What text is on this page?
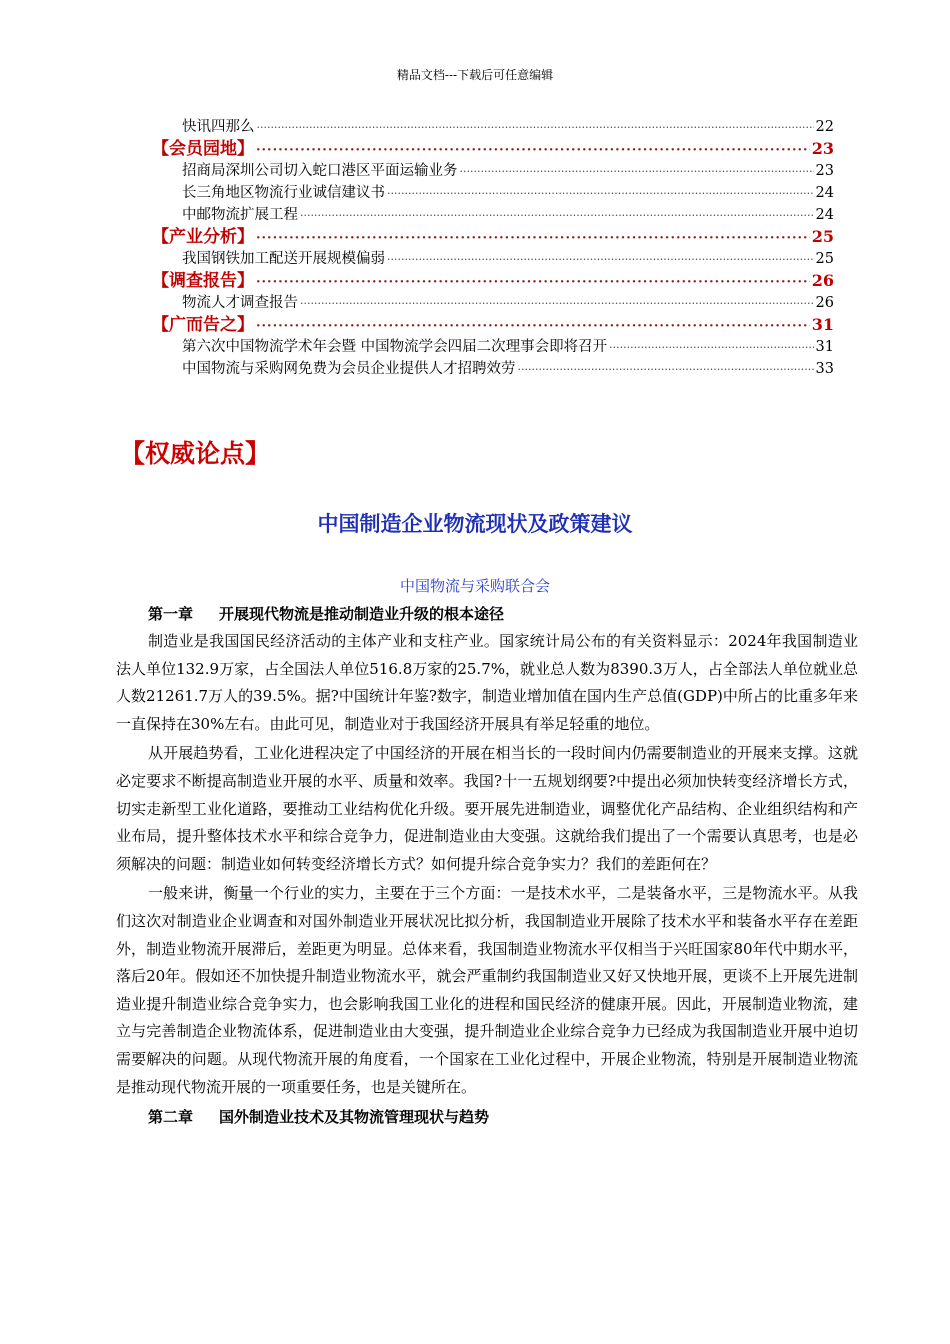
精品文档---下载后可任意编辑
快讯四那么 ·····	22
【会员园地】 ·····	23
招商局深圳公司切入蛇口港区平面运输业务 ·····	23
长三角地区物流行业诚信建议书 ·····	24
中邮物流扩展工程 ·····	24
【产业分析】 ·····	25
我国钢铁加工配送开展规模偏弱 ·····	25
【调查报告】 ·····	26
物流人才调查报告 ·····	26
【广而告之】 ·····	31
第六次中国物流学术年会暨 中国物流学会四届二次理事会即将召开 ·····	31
中国物流与采购网免费为会员企业提供人才招聘效劳 ·····	33
【权威论点】
中国制造企业物流现状及政策建议
中国物流与采购联合会
第一章 开展现代物流是推动制造业升级的根本途径

制造业是我国国民经济活动的主体产业和支柱产业。国家统计局公布的有关资料显示：2024年我国制造业法人单位132.9万家，占全国法人单位516.8万家的25.7%，就业总人数为8390.3万人，占全部法人单位就业总人数21261.7万人的39.5%。据?中国统计年鉴?数字，制造业增加值在国内生产总值(GDP)中所占的比重多年来一直保持在30%左右。由此可见，制造业对于我国经济开展具有举足轻重的地位。

从开展趋势看，工业化进程决定了中国经济的开展在相当长的一段时间内仍需要制造业的开展来支撑。这就必定要求不断提高制造业开展的水平、质量和效率。我国?十一五规划纲要?中提出必须加快转变经济增长方式，切实走新型工业化道路，要推动工业结构优化升级。要开展先进制造业，调整优化产品结构、企业组织结构和产业布局，提升整体技术水平和综合竞争力，促进制造业由大变强。这就给我们提出了一个需要认真思考，也是必须解决的问题：制造业如何转变经济增长方式？如何提升综合竞争实力？我们的差距何在？

一般来讲，衡量一个行业的实力，主要在于三个方面：一是技术水平，二是装备水平，三是物流水平。从我们这次对制造业企业调查和对国外制造业开展状况比拟分析，我国制造业开展除了技术水平和装备水平存在差距外，制造业物流开展滞后，差距更为明显。总体来看，我国制造业物流水平仅相当于兴旺国家80年代中期水平，落后20年。假如还不加快提升制造业物流水平，就会严重制约我国制造业又好又快地开展，更谈不上开展先进制造业提升制造业综合竞争实力，也会影响我国工业化的进程和国民经济的健康开展。因此，开展制造业物流，建立与完善制造企业物流体系，促进制造业由大变强，提升制造业企业综合竞争力已经成为我国制造业开展中迫切需要解决的问题。从现代物流开展的角度看，一个国家在工业化过程中，开展企业物流，特别是开展制造业物流是推动现代物流开展的一项重要任务，也是关键所在。

第二章 国外制造业技术及其物流管理现状与趋势
